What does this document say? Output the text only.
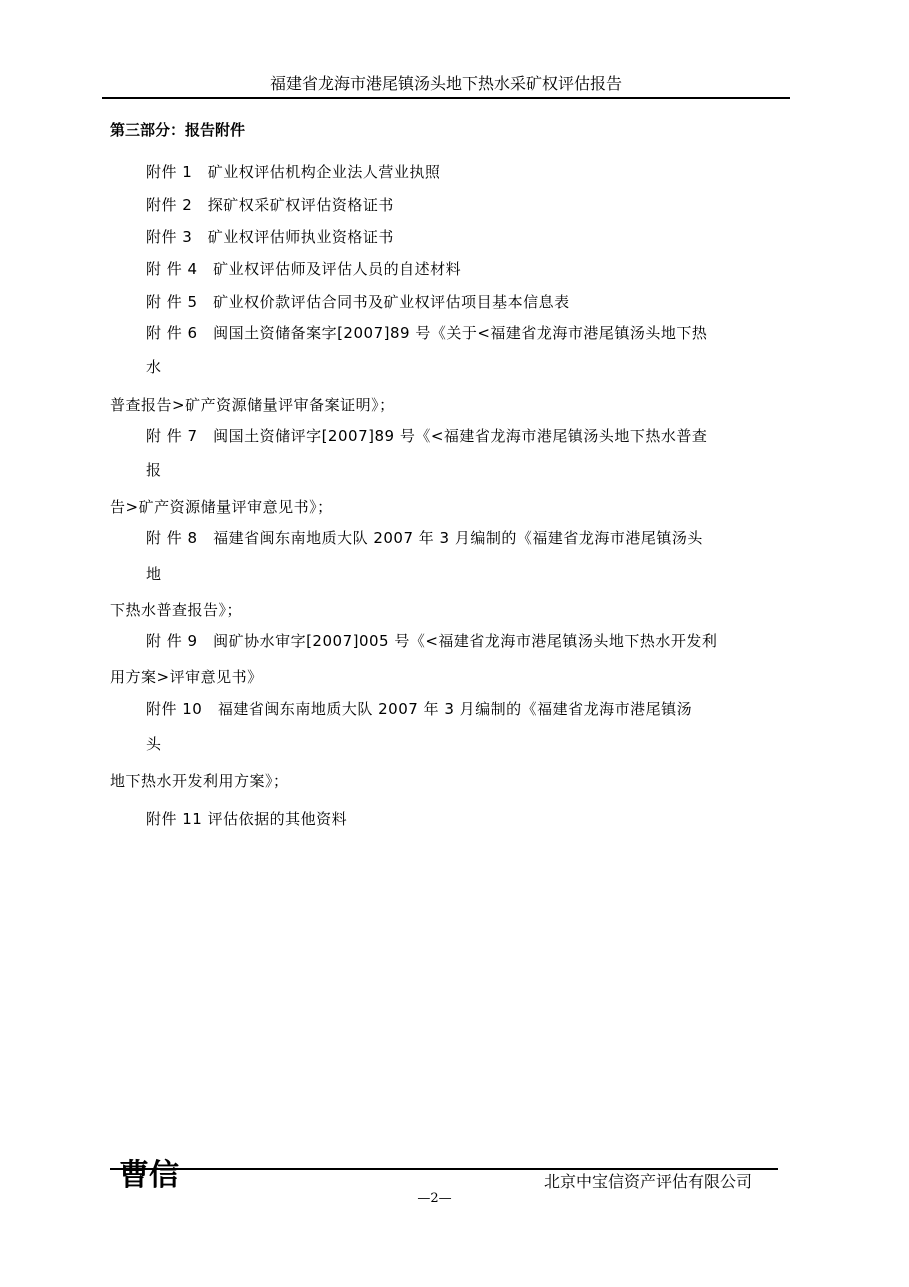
福建省龙海市港尾镇汤头地下热水采矿权评估报告
第三部分：报告附件
附件 1　矿业权评估机构企业法人营业执照
附件 2　探矿权采矿权评估资格证书
附件 3　矿业权评估师执业资格证书
附 件 4　矿业权评估师及评估人员的自述材料
附 件 5　矿业权价款评估合同书及矿业权评估项目基本信息表
附 件 6　闽国土资储备案字[2007]89 号《关于<福建省龙海市港尾镇汤头地下热
水
普查报告>矿产资源储量评审备案证明》；
附 件 7　闽国土资储评字[2007]89 号《<福建省龙海市港尾镇汤头地下热水普查
报
告>矿产资源储量评审意见书》；
附 件 8　福建省闽东南地质大队 2007 年 3 月编制的《福建省龙海市港尾镇汤头
地
下热水普查报告》；
附 件 9　闽矿协水审字[2007]005 号《<福建省龙海市港尾镇汤头地下热水开发利
用方案>评审意见书》
附件 10　福建省闽东南地质大队 2007 年 3 月编制的《福建省龙海市港尾镇汤
头
地下热水开发利用方案》；
附件 11 评估依据的其他资料
曹信	北京中宝信资产评估有限公司
—2—
